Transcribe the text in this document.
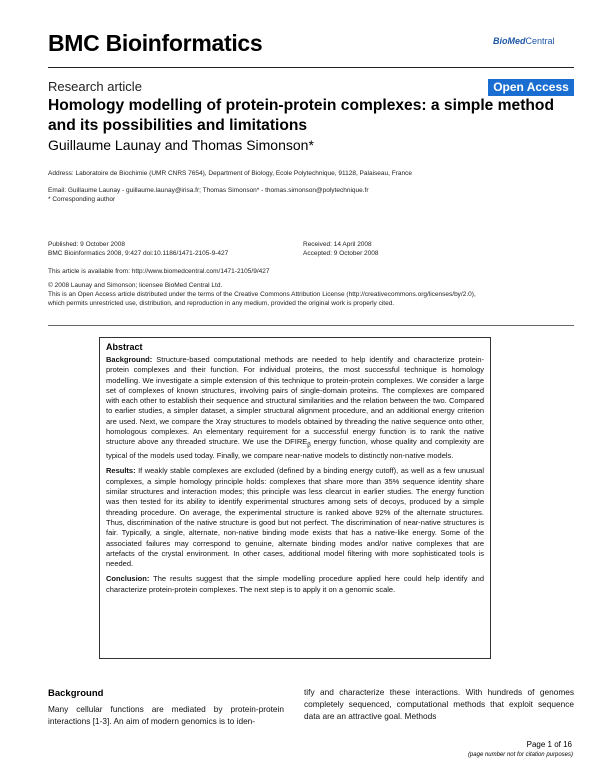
BMC Bioinformatics	BioMedCentral
Research article	Open Access
Homology modelling of protein-protein complexes: a simple method and its possibilities and limitations
Guillaume Launay and Thomas Simonson*
Address: Laboratoire de Biochimie (UMR CNRS 7654), Department of Biology, Ecole Polytechnique, 91128, Palaiseau, France
Email: Guillaume Launay - guillaume.launay@irisa.fr; Thomas Simonson* - thomas.simonson@polytechnique.fr
* Corresponding author
Published: 9 October 2008
BMC Bioinformatics 2008, 9:427 doi:10.1186/1471-2105-9-427
Received: 14 April 2008
Accepted: 9 October 2008
This article is available from: http://www.biomedcentral.com/1471-2105/9/427
© 2008 Launay and Simonson; licensee BioMed Central Ltd.
This is an Open Access article distributed under the terms of the Creative Commons Attribution License (http://creativecommons.org/licenses/by/2.0),
which permits unrestricted use, distribution, and reproduction in any medium, provided the original work is properly cited.
Abstract

Background: Structure-based computational methods are needed to help identify and characterize protein-protein complexes and their function. For individual proteins, the most successful technique is homology modelling. We investigate a simple extension of this technique to protein-protein complexes. We consider a large set of complexes of known structures, involving pairs of single-domain proteins. The complexes are compared with each other to establish their sequence and structural similarities and the relation between the two. Compared to earlier studies, a simpler dataset, a simpler structural alignment procedure, and an additional energy criterion are used. Next, we compare the Xray structures to models obtained by threading the native sequence onto other, homologous complexes. An elementary requirement for a successful energy function is to rank the native structure above any threaded structure. We use the $DFIRE_\beta$ energy function, whose quality and complexity are typical of the models used today. Finally, we compare near-native models to distinctly non-native models.

Results: If weakly stable complexes are excluded (defined by a binding energy cutoff), as well as a few unusual complexes, a simple homology principle holds: complexes that share more than 35% sequence identity share similar structures and interaction modes; this principle was less clearcut in earlier studies. The energy function was then tested for its ability to identify experimental structures among sets of decoys, produced by a simple threading procedure. On average, the experimental structure is ranked above 92% of the alternate structures. Thus, discrimination of the native structure is good but not perfect. The discrimination of near-native structures is fair. Typically, a single, alternate, non-native binding mode exists that has a native-like energy. Some of the associated failures may correspond to genuine, alternate binding modes and/or native complexes that are artefacts of the crystal environment. In other cases, additional model filtering with more sophisticated tools is needed.

Conclusion: The results suggest that the simple modelling procedure applied here could help identify and characterize protein-protein complexes. The next step is to apply it on a genomic scale.

Background
Many cellular functions are mediated by protein-protein interactions [1-3]. An aim of modern genomics is to iden-
tify and characterize these interactions. With hundreds of genomes completely sequenced, computational methods that exploit sequence data are an attractive goal. Methods
Page 1 of 16
(page number not for citation purposes)
